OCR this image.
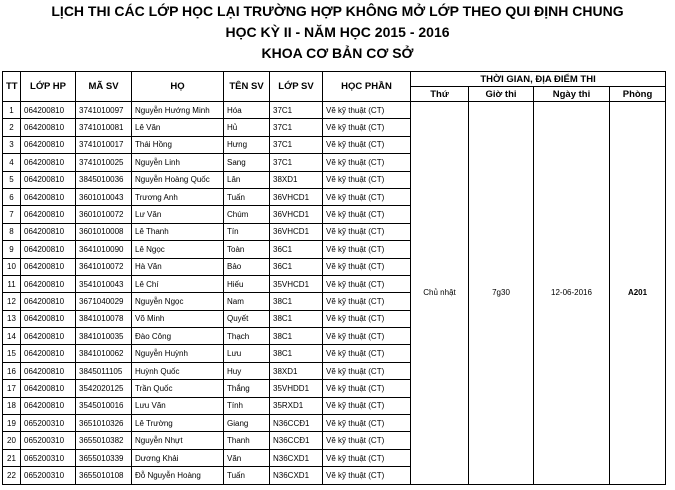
LỊCH THI CÁC LỚP HỌC LẠI TRƯỜNG HỢP KHÔNG MỞ LỚP THEO QUI ĐỊNH CHUNG
HỌC KỲ II - NĂM HỌC 2015 - 2016
KHOA CƠ BẢN CƠ SỞ
TT	LỚP HP	MÃ SV	HỌ	TÊN SV	LỚP SV	HỌC PHẦN	THỜI GIAN, ĐỊA ĐIỂM THI			
							Thứ	Giờ thi	Ngày thi	Phòng
1	064200810	3741010097	Nguyễn Hướng Minh	Hóa	37C1	Vẽ kỹ thuật (CT)	Chủ nhật	7g30	12-06-2016	A201
2	064200810	3741010081	Lê Văn	Hủ	37C1	Vẽ kỹ thuật (CT)				
3	064200810	3741010017	Thái Hồng	Hưng	37C1	Vẽ kỹ thuật (CT)				
4	064200810	3741010025	Nguyễn Linh	Sang	37C1	Vẽ kỹ thuật (CT)				
5	064200810	3845010036	Nguyễn Hoàng Quốc	Lân	38XD1	Vẽ kỹ thuật (CT)				
6	064200810	3601010043	Trương Anh	Tuấn	36VHCD1	Vẽ kỹ thuật (CT)				
7	064200810	3601010072	Lư Văn	Chúm	36VHCD1	Vẽ kỹ thuật (CT)				
8	064200810	3601010008	Lê Thanh	Tín	36VHCD1	Vẽ kỹ thuật (CT)				
9	064200810	3641010090	Lê Ngọc	Toàn	36C1	Vẽ kỹ thuật (CT)				
10	064200810	3641010072	Hà Văn	Bảo	36C1	Vẽ kỹ thuật (CT)				
11	064200810	3541010043	Lê Chí	Hiếu	35VHCD1	Vẽ kỹ thuật (CT)				
12	064200810	3671040029	Nguyễn Ngọc	Nam	38C1	Vẽ kỹ thuật (CT)				
13	064200810	3841010078	Võ Minh	Quyết	38C1	Vẽ kỹ thuật (CT)				
14	064200810	3841010035	Đào Công	Thạch	38C1	Vẽ kỹ thuật (CT)				
15	064200810	3841010062	Nguyễn Huỳnh	Lưu	38C1	Vẽ kỹ thuật (CT)				
16	064200810	3845011105	Huỳnh Quốc	Huy	38XD1	Vẽ kỹ thuật (CT)				
17	064200810	3542020125	Trần Quốc	Thắng	35VHDD1	Vẽ kỹ thuật (CT)				
18	064200810	3545010016	Lưu Văn	Tính	35RXD1	Vẽ kỹ thuật (CT)				
19	065200310	3651010326	Lê Trường	Giang	N36CCĐ1	Vẽ kỹ thuật (CT)				
20	065200310	3655010382	Nguyễn Nhựt	Thanh	N36CCĐ1	Vẽ kỹ thuật (CT)				
21	065200310	3655010339	Dương Khải	Văn	N36CXD1	Vẽ kỹ thuật (CT)				
22	065200310	3655010108	Đỗ Nguyễn Hoàng	Tuấn	N36CXD1	Vẽ kỹ thuật (CT)				
